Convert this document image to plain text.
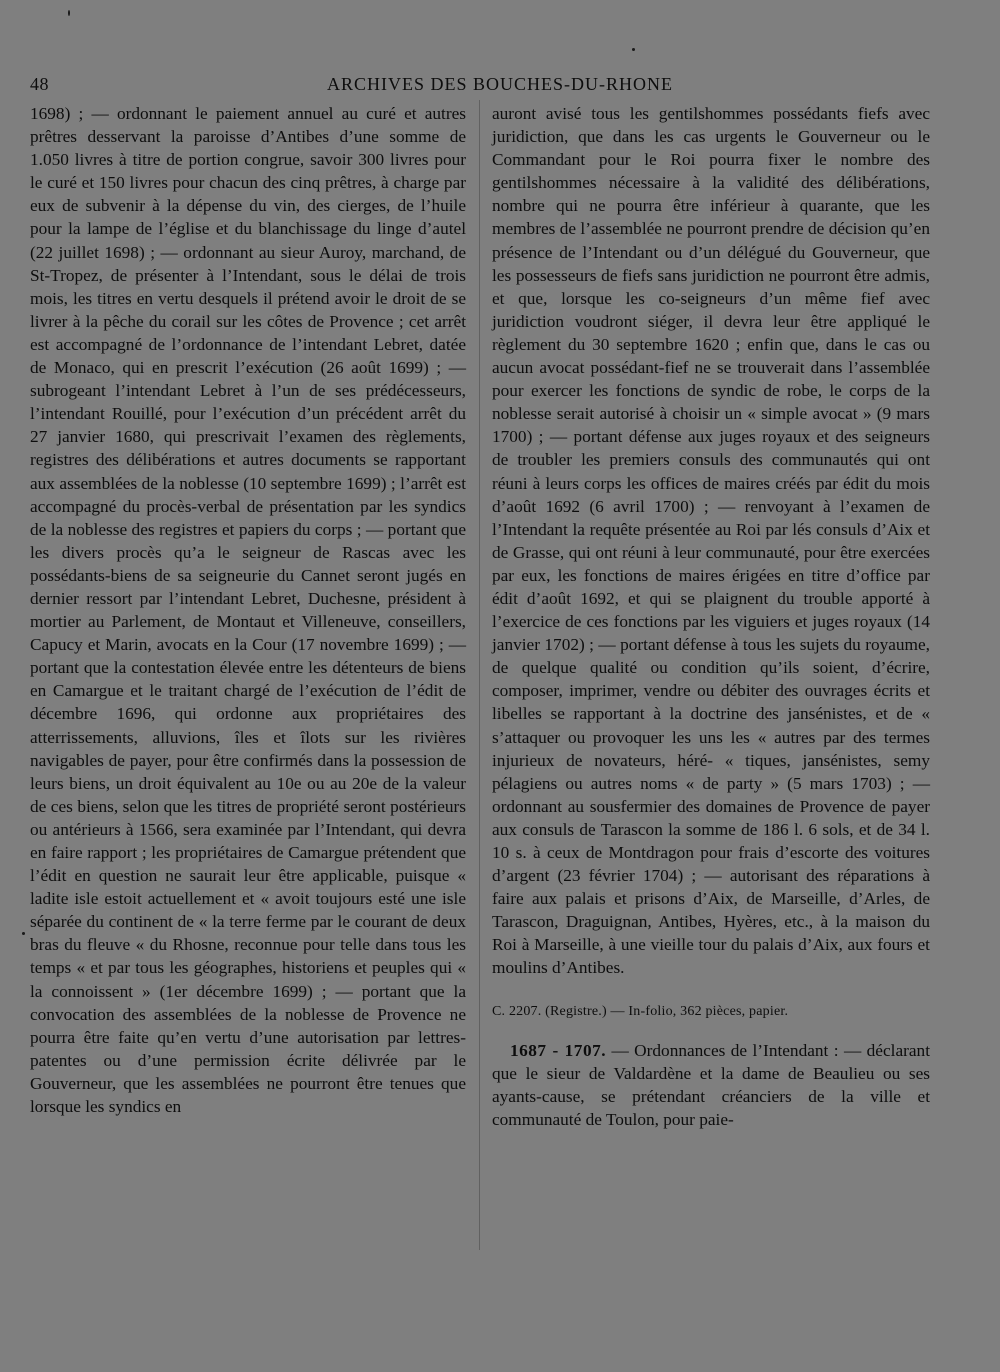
48	ARCHIVES DES BOUCHES-DU-RHONE

1698) ; — ordonnant le paiement annuel au curé et autres prêtres desservant la paroisse d’Antibes d’une somme de 1.050 livres à titre de portion congrue, savoir 300 livres pour le curé et 150 livres pour chacun des cinq prêtres, à charge par eux de subvenir à la dépense du vin, des cierges, de l’huile pour la lampe de l’église et du blanchissage du linge d’autel (22 juillet 1698) ; — ordonnant au sieur Auroy, marchand, de St-Tropez, de présenter à l’Intendant, sous le délai de trois mois, les titres en vertu desquels il prétend avoir le droit de se livrer à la pêche du corail sur les côtes de Provence ; cet arrêt est accompagné de l’ordonnance de l’intendant Lebret, datée de Monaco, qui en prescrit l’exécution (26 août 1699) ; — subrogeant l’intendant Lebret à l’un de ses prédécesseurs, l’intendant Rouillé, pour l’exécution d’un précédent arrêt du 27 janvier 1680, qui prescrivait l’examen des règlements, registres des délibérations et autres documents se rapportant aux assemblées de la noblesse (10 septembre 1699) ; l’arrêt est accompagné du procès-verbal de présentation par les syndics de la noblesse des registres et papiers du corps ; — portant que les divers procès qu’a le seigneur de Rascas avec les possédants-biens de sa seigneurie du Cannet seront jugés en dernier ressort par l’intendant Lebret, Duchesne, président à mortier au Parlement, de Montaut et Villeneuve, conseillers, Capucy et Marin, avocats en la Cour (17 novembre 1699) ; — portant que la contestation élevée entre les détenteurs de biens en Camargue et le traitant chargé de l’exécution de l’édit de décembre 1696, qui ordonne aux propriétaires des atterrissements, alluvions, îles et îlots sur les rivières navigables de payer, pour être confirmés dans la possession de leurs biens, un droit équivalent au 10e ou au 20e de la valeur de ces biens, selon que les titres de propriété seront postérieurs ou antérieurs à 1566, sera examinée par l’Intendant, qui devra en faire rapport ; les propriétaires de Camargue prétendent que l’édit en question ne saurait leur être applicable, puisque « ladite isle estoit actuellement et « avoit toujours esté une isle séparée du continent de « la terre ferme par le courant de deux bras du fleuve « du Rhosne, reconnue pour telle dans tous les temps « et par tous les géographes, historiens et peuples qui « la connoissent » (1er décembre 1699) ; — portant que la convocation des assemblées de la noblesse de Provence ne pourra être faite qu’en vertu d’une autorisation par lettres-patentes ou d’une permission écrite délivrée par le Gouverneur, que les assemblées ne pourront être tenues que lorsque les syndics en

auront avisé tous les gentilshommes possédants fiefs avec juridiction, que dans les cas urgents le Gouverneur ou le Commandant pour le Roi pourra fixer le nombre des gentilshommes nécessaire à la validité des délibérations, nombre qui ne pourra être inférieur à quarante, que les membres de l’assemblée ne pourront prendre de décision qu’en présence de l’Intendant ou d’un délégué du Gouverneur, que les possesseurs de fiefs sans juridiction ne pourront être admis, et que, lorsque les co-seigneurs d’un même fief avec juridiction voudront siéger, il devra leur être appliqué le règlement du 30 septembre 1620 ; enfin que, dans le cas ou aucun avocat possédant-fief ne se trouverait dans l’assemblée pour exercer les fonctions de syndic de robe, le corps de la noblesse serait autorisé à choisir un « simple avocat » (9 mars 1700) ; — portant défense aux juges royaux et des seigneurs de troubler les premiers consuls des communautés qui ont réuni à leurs corps les offices de maires créés par édit du mois d’août 1692 (6 avril 1700) ; — renvoyant à l’examen de l’Intendant la requête présentée au Roi par lés consuls d’Aix et de Grasse, qui ont réuni à leur communauté, pour être exercées par eux, les fonctions de maires érigées en titre d’office par édit d’août 1692, et qui se plaignent du trouble apporté à l’exercice de ces fonctions par les viguiers et juges royaux (14 janvier 1702) ; — portant défense à tous les sujets du royaume, de quelque qualité ou condition qu’ils soient, d’écrire, composer, imprimer, vendre ou débiter des ouvrages écrits et libelles se rapportant à la doctrine des jansénistes, et de « s’attaquer ou provoquer les uns les « autres par des termes injurieux de novateurs, héré- « tiques, jansénistes, semy pélagiens ou autres noms « de party » (5 mars 1703) ; — ordonnant au sousfermier des domaines de Provence de payer aux consuls de Tarascon la somme de 186 l. 6 sols, et de 34 l. 10 s. à ceux de Montdragon pour frais d’escorte des voitures d’argent (23 février 1704) ; — autorisant des réparations à faire aux palais et prisons d’Aix, de Marseille, d’Arles, de Tarascon, Draguignan, Antibes, Hyères, etc., à la maison du Roi à Marseille, à une vieille tour du palais d’Aix, aux fours et moulins d’Antibes.

C. 2207. (Registre.) — In-folio, 362 pièces, papier.

1687 - 1707. — Ordonnances de l’Intendant : — déclarant que le sieur de Valdardène et la dame de Beaulieu ou ses ayants-cause, se prétendant créanciers de la ville et communauté de Toulon, pour paie-
